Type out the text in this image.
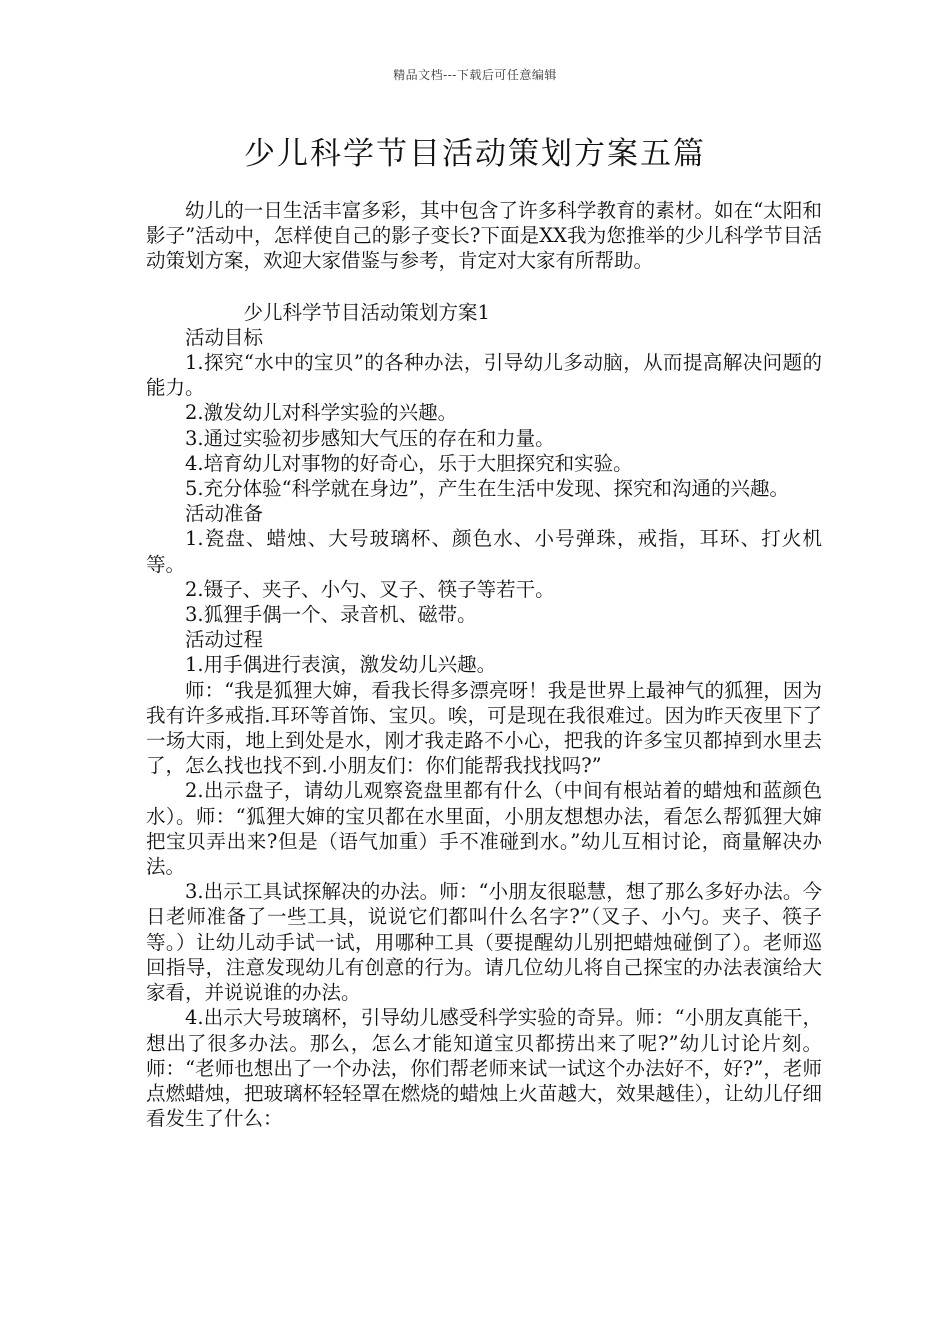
精品文档---下载后可任意编辑
少儿科学节目活动策划方案五篇

幼儿的一日生活丰富多彩，其中包含了许多科学教育的素材。如在“太阳和影子”活动中，怎样使自己的影子变长?下面是XX我为您推举的少儿科学节目活动策划方案，欢迎大家借鉴与参考，肯定对大家有所帮助。

少儿科学节目活动策划方案1

活动目标

1.探究“水中的宝贝”的各种办法，引导幼儿多动脑，从而提高解决问题的能力。

2.激发幼儿对科学实验的兴趣。

3.通过实验初步感知大气压的存在和力量。

4.培育幼儿对事物的好奇心，乐于大胆探究和实验。

5.充分体验“科学就在身边”，产生在生活中发现、探究和沟通的兴趣。

活动准备

1.瓷盘、蜡烛、大号玻璃杯、颜色水、小号弹珠，戒指，耳环、打火机等。

2.镊子、夹子、小勺、叉子、筷子等若干。

3.狐狸手偶一个、录音机、磁带。

活动过程

1.用手偶进行表演，激发幼儿兴趣。

师：“我是狐狸大婶，看我长得多漂亮呀！我是世界上最神气的狐狸，因为我有许多戒指.耳环等首饰、宝贝。唉，可是现在我很难过。因为昨天夜里下了一场大雨，地上到处是水，刚才我走路不小心，把我的许多宝贝都掉到水里去了，怎么找也找不到.小朋友们：你们能帮我找找吗?”

2.出示盘子，请幼儿观察瓷盘里都有什么（中间有根站着的蜡烛和蓝颜色水）。师：“狐狸大婶的宝贝都在水里面，小朋友想想办法，看怎么帮狐狸大婶把宝贝弄出来?但是（语气加重）手不准碰到水。”幼儿互相讨论，商量解决办法。

3.出示工具试探解决的办法。师：“小朋友很聪慧，想了那么多好办法。今日老师准备了一些工具，说说它们都叫什么名字?”（叉子、小勺。夹子、筷子等。）让幼儿动手试一试，用哪种工具（要提醒幼儿别把蜡烛碰倒了）。老师巡回指导，注意发现幼儿有创意的行为。请几位幼儿将自己探宝的办法表演给大家看，并说说谁的办法。

4.出示大号玻璃杯，引导幼儿感受科学实验的奇异。师：“小朋友真能干，想出了很多办法。那么，怎么才能知道宝贝都捞出来了呢?”幼儿讨论片刻。师：“老师也想出了一个办法，你们帮老师来试一试这个办法好不，好?”，老师点燃蜡烛，把玻璃杯轻轻罩在燃烧的蜡烛上火苗越大，效果越佳），让幼儿仔细看发生了什么：
